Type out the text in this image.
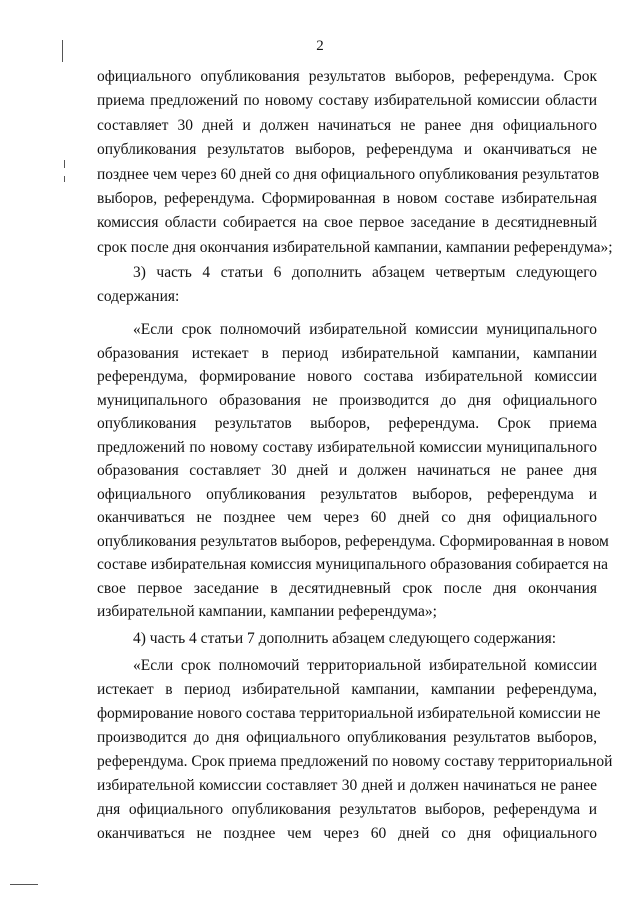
2
официального опубликования результатов выборов, референдума. Срок
приема предложений по новому составу избирательной комиссии области
составляет 30 дней и должен начинаться не ранее дня официального
опубликования результатов выборов, референдума и оканчиваться не
позднее чем через 60 дней со дня официального опубликования результатов
выборов, референдума. Сформированная в новом составе избирательная
комиссия области собирается на свое первое заседание в десятидневный
срок после дня окончания избирательной кампании, кампании референдума»;
3) часть 4 статьи 6 дополнить абзацем четвертым следующего
содержания:
«Если срок полномочий избирательной комиссии муниципального
образования истекает в период избирательной кампании, кампании
референдума, формирование нового состава избирательной комиссии
муниципального образования не производится до дня официального
опубликования результатов выборов, референдума. Срок приема
предложений по новому составу избирательной комиссии муниципального
образования составляет 30 дней и должен начинаться не ранее дня
официального опубликования результатов выборов, референдума и
оканчиваться не позднее чем через 60 дней со дня официального
опубликования результатов выборов, референдума. Сформированная в новом
составе избирательная комиссия муниципального образования собирается на
свое первое заседание в десятидневный срок после дня окончания
избирательной кампании, кампании референдума»;
4) часть 4 статьи 7 дополнить абзацем следующего содержания:
«Если срок полномочий территориальной избирательной комиссии
истекает в период избирательной кампании, кампании референдума,
формирование нового состава территориальной избирательной комиссии не
производится до дня официального опубликования результатов выборов,
референдума. Срок приема предложений по новому составу территориальной
избирательной комиссии составляет 30 дней и должен начинаться не ранее
дня официального опубликования результатов выборов, референдума и
оканчиваться не позднее чем через 60 дней со дня официального
